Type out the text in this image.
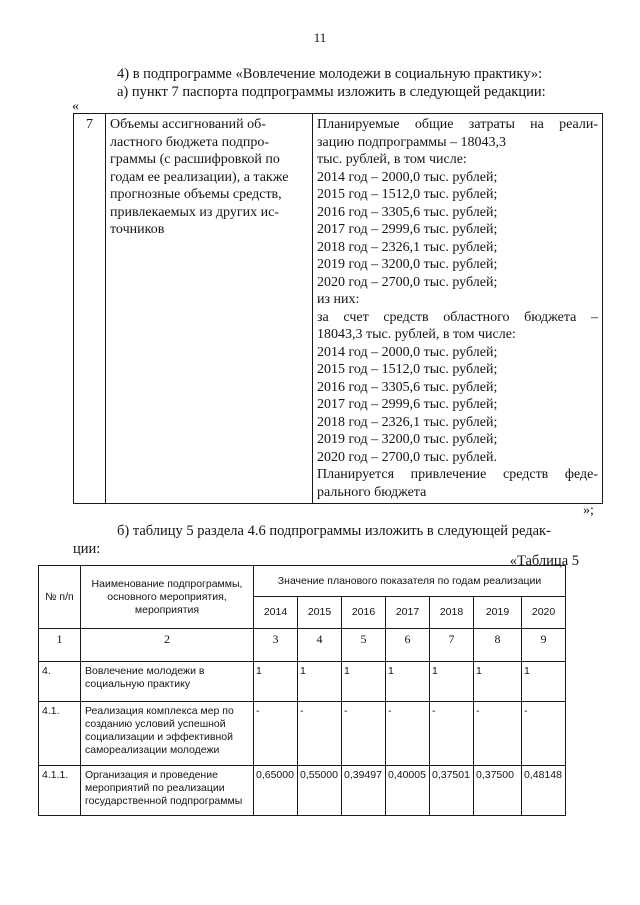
11
4) в подпрограмме «Вовлечение молодежи в социальную практику»:
а) пункт 7 паспорта подпрограммы изложить в следующей редакции:
«
7	Объемы ассигнований об-
ластного бюджета подпро-
граммы (с расшифровкой по
годам ее реализации), а также
прогнозные объемы средств,
привлекаемых из других ис-
точников

Планируемые общие затраты на реали-
зацию подпрограммы – 18043,3
тыс. рублей, в том числе:
2014 год – 2000,0 тыс. рублей;
2015 год – 1512,0 тыс. рублей;
2016 год – 3305,6 тыс. рублей;
2017 год – 2999,6 тыс. рублей;
2018 год – 2326,1 тыс. рублей;
2019 год – 3200,0 тыс. рублей;
2020 год – 2700,0 тыс. рублей;
из них:
за счет средств областного бюджета –
18043,3 тыс. рублей, в том числе:
2014 год – 2000,0 тыс. рублей;
2015 год – 1512,0 тыс. рублей;
2016 год – 3305,6 тыс. рублей;
2017 год – 2999,6 тыс. рублей;
2018 год – 2326,1 тыс. рублей;
2019 год – 3200,0 тыс. рублей;
2020 год – 2700,0 тыс. рублей.
Планируется привлечение средств феде-
рального бюджета
»;
б) таблицу 5 раздела 4.6 подпрограммы изложить в следующей редак-
ции:
«Таблица 5
№ п/п	Наименование подпрограммы, основного мероприятия, мероприятия	Значение планового показателя по годам реализации						
		2014	2015	2016	2017	2018	2019	2020
1	2	3	4	5	6	7	8	9
4.	Вовлечение молодежи в социальную практику	1	1	1	1	1	1	1
4.1.	Реализация комплекса мер по созданию условий успешной социализации и эффективной самореализации молодежи	-	-	-	-	-	-	-
4.1.1.	Организация и проведение мероприятий по реализации государственной подпрограммы	0,65000	0,55000	0,39497	0,40005	0,37501	0,37500	0,48148
